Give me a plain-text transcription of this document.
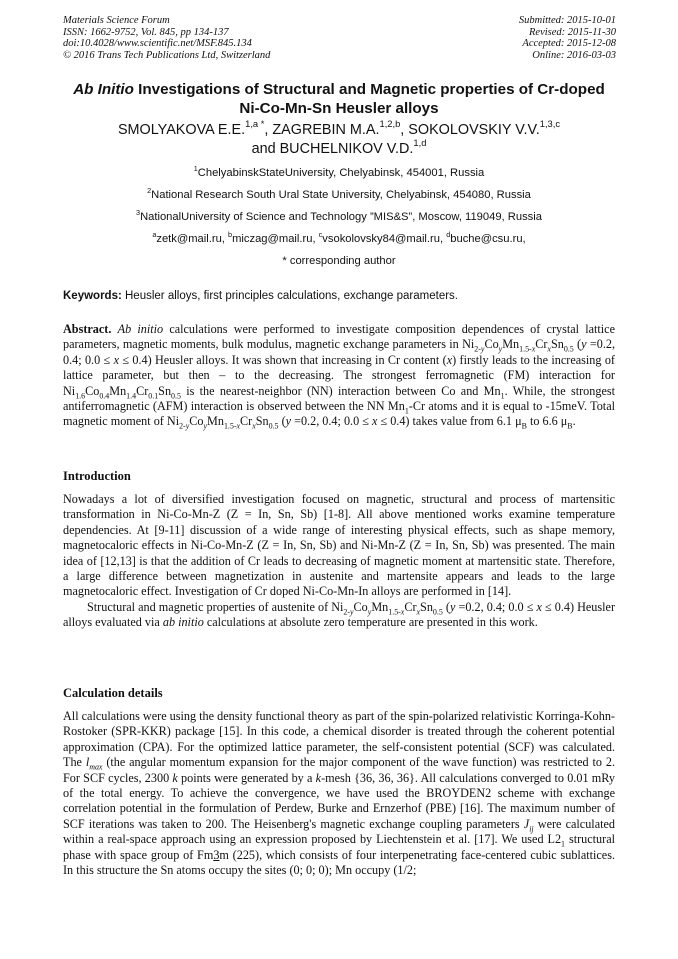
Materials Science Forum
ISSN: 1662-9752, Vol. 845, pp 134-137
doi:10.4028/www.scientific.net/MSF.845.134
© 2016 Trans Tech Publications Ltd, Switzerland
Submitted: 2015-10-01
Revised: 2015-11-30
Accepted: 2015-12-08
Online: 2016-03-03
Ab Initio Investigations of Structural and Magnetic properties of Cr-doped Ni-Co-Mn-Sn Heusler alloys
SMOLYAKOVA E.E.$^{1,a *}$, ZAGREBIN M.A.$^{1,2,b}$, SOKOLOVSKIY V.V.$^{1,3,c}$
and BUCHELNIKOV V.D.$^{1,d}$
$^1$ChelyabinskStateUniversity, Chelyabinsk, 454001, Russia
$^2$National Research South Ural State University, Chelyabinsk, 454080, Russia
$^3$NationalUniversity of Science and Technology ”MIS&S”, Moscow, 119049, Russia
$^a$zetk@mail.ru, $^b$miczag@mail.ru, $^c$vsokolovsky84@mail.ru, $^d$buche@csu.ru,
* corresponding author
Keywords: Heusler alloys, first principles calculations, exchange parameters.

Abstract. Ab initio calculations were performed to investigate composition dependences of crystal lattice parameters, magnetic moments, bulk modulus, magnetic exchange parameters in $Ni_{2-y}Co_yMn_{1.5-x}Cr_xSn_{0.5}$ (y =0.2, 0.4; 0.0 ≤ x ≤ 0.4) Heusler alloys. It was shown that increasing in Cr content (x) firstly leads to the increasing of lattice parameter, but then – to the decreasing. The strongest ferromagnetic (FM) interaction for $Ni_{1.6}Co_{0.4}Mn_{1.4}Cr_{0.1}Sn_{0.5}$ is the nearest-neighbor (NN) interaction between Co and $Mn_1$. While, the strongest antiferromagnetic (AFM) interaction is observed between the NN $Mn_1-Cr$ atoms and it is equal to -15meV. Total magnetic moment of $Ni_{2-y}Co_yMn_{1.5-x}Cr_xSn_{0.5}$ (y =0.2, 0.4; 0.0 ≤ x ≤ 0.4) takes value from 6.1 $\mu_B$ to 6.6 $\mu_B$.

Introduction

Nowadays a lot of diversified investigation focused on magnetic, structural and process of martensitic transformation in Ni-Co-Mn-Z (Z = In, Sn, Sb) [1-8]. All above mentioned works examine temperature dependencies. At [9-11] discussion of a wide range of interesting physical effects, such as shape memory, magnetocaloric effects in Ni-Co-Mn-Z (Z = In, Sn, Sb) and Ni-Mn-Z (Z = In, Sn, Sb) was presented. The main idea of [12,13] is that the addition of Cr leads to decreasing of magnetic moment at martensitic state. Therefore, a large difference between magnetization in austenite and martensite appears and leads to the large magnetocaloric effect. Investigation of Cr doped Ni-Co-Mn-In alloys are performed in [14].

Structural and magnetic properties of austenite of $Ni_{2-y}Co_yMn_{1.5-x}Cr_xSn_{0.5}$ (y =0.2, 0.4; 0.0 ≤ x ≤ 0.4) Heusler alloys evaluated via ab initio calculations at absolute zero temperature are presented in this work.

Calculation details

All calculations were using the density functional theory as part of the spin-polarized relativistic Korringa-Kohn-Rostoker (SPR-KKR) package [15]. In this code, a chemical disorder is treated through the coherent potential approximation (CPA). For the optimized lattice parameter, the self-consistent potential (SCF) was calculated. The $l_{max}$ (the angular momentum expansion for the major component of the wave function) was restricted to 2. For SCF cycles, 2300 k points were generated by a k-mesh {36, 36, 36}. All calculations converged to 0.01 mRy of the total energy. To achieve the convergence, we have used the BROYDEN2 scheme with exchange correlation potential in the formulation of Perdew, Burke and Ernzerhof (PBE) [16]. The maximum number of SCF iterations was taken to 200. The Heisenberg's magnetic exchange coupling parameters $J_{ij}$ were calculated within a real-space approach using an expression proposed by Liechtenstein et al. [17]. We used $L2_1$ structural phase with space group of Fm3m (225), which consists of four interpenetrating face-centered cubic sublattices. In this structure the Sn atoms occupy the sites (0; 0; 0); Mn occupy (1/2;
